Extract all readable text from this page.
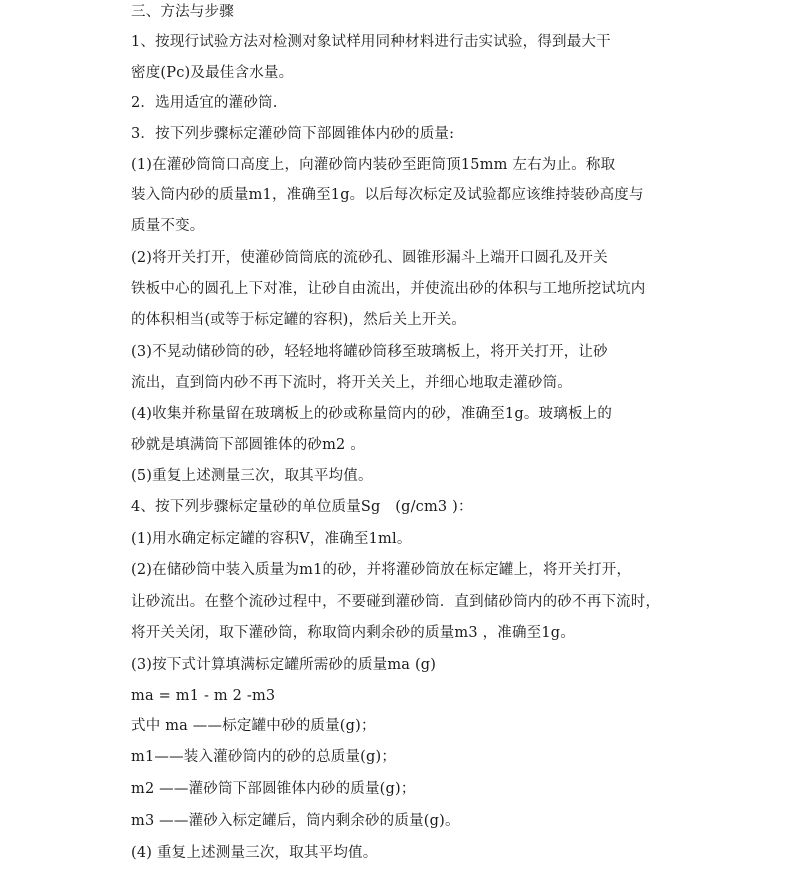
三、方法与步骤
1、按现行试验方法对检测对象试样用同种材料进行击实试验，得到最大干
密度(Pc)及最佳含水量。
2．选用适宜的灌砂筒.
3．按下列步骤标定灌砂筒下部圆锥体内砂的质量:
(1)在灌砂筒筒口高度上，向灌砂筒内装砂至距筒顶15mm 左右为止。称取
装入筒内砂的质量m1，准确至1g。以后每次标定及试验都应该维持装砂高度与
质量不变。
(2)将开关打开，使灌砂筒筒底的流砂孔、圆锥形漏斗上端开口圆孔及开关
铁板中心的圆孔上下对准，让砂自由流出，并使流出砂的体积与工地所挖试坑内
的体积相当(或等于标定罐的容积)，然后关上开关。
(3)不晃动储砂筒的砂，轻轻地将罐砂筒移至玻璃板上，将开关打开，让砂
流出，直到筒内砂不再下流时，将开关关上，并细心地取走灌砂筒。
(4)收集并称量留在玻璃板上的砂或称量筒内的砂，准确至1g。玻璃板上的
砂就是填满筒下部圆锥体的砂m2 。
(5)重复上述测量三次，取其平均值。
4、按下列步骤标定量砂的单位质量Sg　(g/cm3 )：
(1)用水确定标定罐的容积V，准确至1ml。
(2)在储砂筒中装入质量为m1的砂，并将灌砂筒放在标定罐上，将开关打开，
让砂流出。在整个流砂过程中，不要碰到灌砂筒．直到储砂筒内的砂不再下流时，
将开关关闭，取下灌砂筒，称取筒内剩余砂的质量m3 ，准确至1g。
(3)按下式计算填满标定罐所需砂的质量ma (g)
ma = m1 - m 2 -m3
式中 ma ——标定罐中砂的质量(g)；
m1——装入灌砂筒内的砂的总质量(g)；
m2 ——灌砂筒下部圆锥体内砂的质量(g)；
m3 ——灌砂入标定罐后，筒内剩余砂的质量(g)。
(4) 重复上述测量三次，取其平均值。
